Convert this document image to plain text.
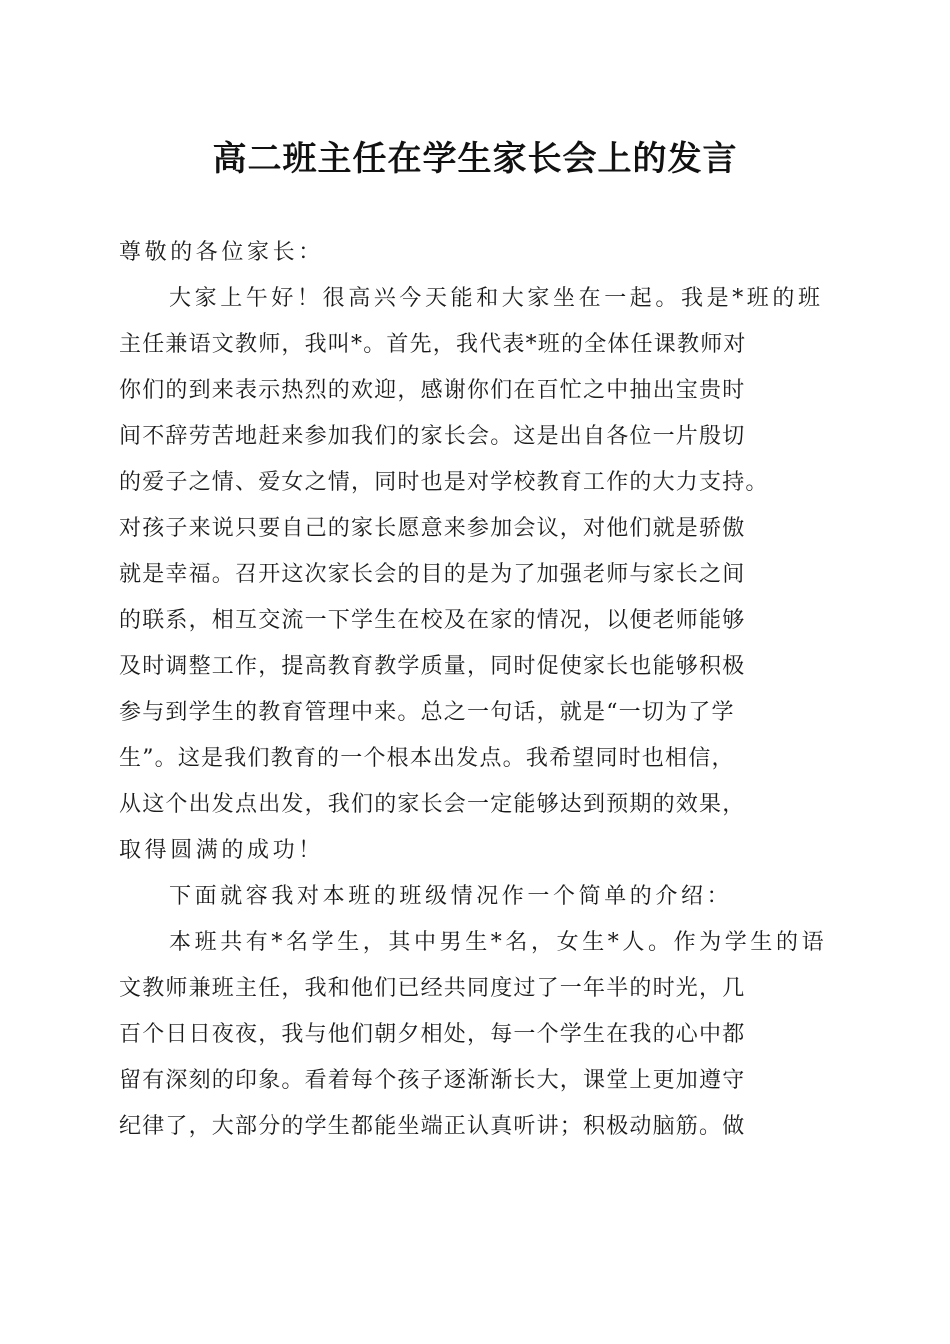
高二班主任在学生家长会上的发言
尊敬的各位家长：
大家上午好！很高兴今天能和大家坐在一起。我是*班的班
主任兼语文教师，我叫*。首先，我代表*班的全体任课教师对
你们的到来表示热烈的欢迎，感谢你们在百忙之中抽出宝贵时
间不辞劳苦地赶来参加我们的家长会。这是出自各位一片殷切
的爱子之情、爱女之情，同时也是对学校教育工作的大力支持。
对孩子来说只要自己的家长愿意来参加会议，对他们就是骄傲
就是幸福。召开这次家长会的目的是为了加强老师与家长之间
的联系，相互交流一下学生在校及在家的情况，以便老师能够
及时调整工作，提高教育教学质量，同时促使家长也能够积极
参与到学生的教育管理中来。总之一句话，就是“一切为了学
生”。这是我们教育的一个根本出发点。我希望同时也相信，
从这个出发点出发，我们的家长会一定能够达到预期的效果，
取得圆满的成功！
下面就容我对本班的班级情况作一个简单的介绍：
本班共有*名学生，其中男生*名，女生*人。作为学生的语
文教师兼班主任，我和他们已经共同度过了一年半的时光，几
百个日日夜夜，我与他们朝夕相处，每一个学生在我的心中都
留有深刻的印象。看着每个孩子逐渐渐长大，课堂上更加遵守
纪律了，大部分的学生都能坐端正认真听讲；积极动脑筋。做
